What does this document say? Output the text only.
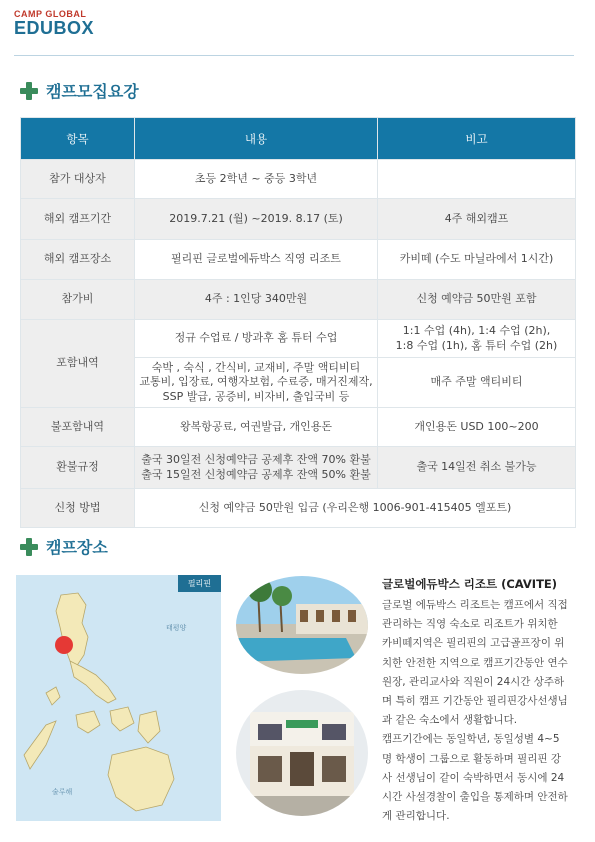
CAMP GLOBAL
EDUBOX
캠프모집요강
항목	내용	비고
참가 대상자	초등 2학년 ~ 중등 3학년	
해외 캠프기간	2019.7.21 (월) ~2019. 8.17 (토)	4주 해외캠프
해외 캠프장소	필리핀 글로벌에듀박스 직영 리조트	카비떼 (수도 마닐라에서 1시간)
참가비	4주 : 1인당 340만원	신청 예약금 50만원 포함
포함내역	정규 수업료 / 방과후 홈 튜터 수업	1:1 수업 (4h), 1:4 수업 (2h),
1:8 수업 (1h), 홈 튜터 수업 (2h)

	숙박 , 숙식 , 간식비, 교재비, 주말 액티비티
교통비, 입장료, 여행자보험, 수료증, 매거진제작,
SSP 발급, 공증비, 비자비, 출입국비 등	매주 주말 액티비티
불포함내역	왕복항공료, 여권발급, 개인용돈	개인용돈 USD 100~200
환불규정	출국 30일전 신청예약금 공제후 잔액 70% 환불
출국 15일전 신청예약금 공제후 잔액 50% 환불	출국 14일전 취소 불가능
신청 방법	신청 예약금 50만원 입금 (우리은행 1006-901-415405 엘포트)	
캠프장소
필리핀
태평양
술루해
글로벌에듀박스 리조트 (CAVITE)
글로벌 에듀박스 리조트는 캠프에서 직접
관리하는 직영 숙소로 리조트가 위치한
카비떼지역은 필리핀의 고급골프장이 위
치한 안전한 지역으로 캠프기간동안 연수
원장, 관리교사와 직원이 24시간 상주하
며 특히 캠프 기간동안 필리핀강사선생님
과 같은 숙소에서 생활합니다.
캠프기간에는 동일학년, 동일성별 4~5
명 학생이 그룹으로 활동하며 필리핀 강
사 선생님이 같이 숙박하면서 동시에 24
시간 사설경찰이 출입을 통제하며 안전하
게 관리합니다.
